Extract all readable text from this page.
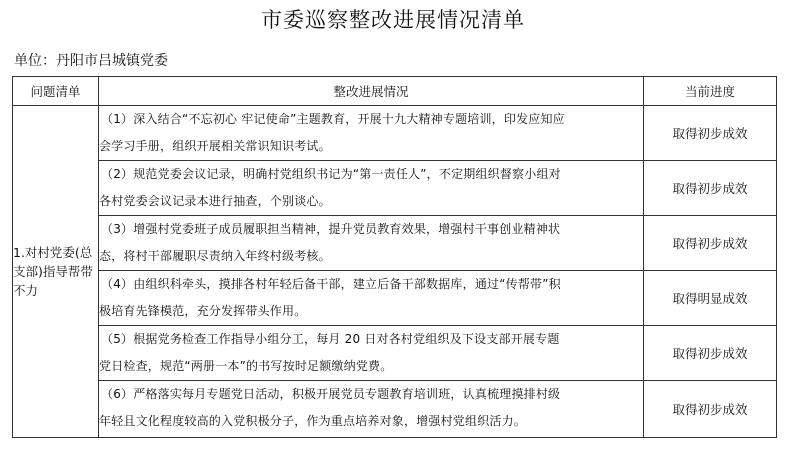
市委巡察整改进展情况清单
单位：丹阳市吕城镇党委
问题清单	整改进展情况	当前进度
1.对村党委(总支部)指导帮带不力	（1）深入结合“不忘初心 牢记使命”主题教育，开展十九大精神专题培训，印发应知应
会学习手册，组织开展相关常识知识考试。	取得初步成效

	（2）规范党委会议记录，明确村党组织书记为“第一责任人”，不定期组织督察小组对
各村党委会议记录本进行抽查，个别谈心。	取得初步成效

	（3）增强村党委班子成员履职担当精神，提升党员教育效果，增强村干事创业精神状
态，将村干部履职尽责纳入年终村级考核。	取得初步成效

	（4）由组织科牵头，摸排各村年轻后备干部，建立后备干部数据库，通过“传帮带”积
极培育先锋模范，充分发挥带头作用。	取得明显成效

	（5）根据党务检查工作指导小组分工，每月 20 日对各村党组织及下设支部开展专题
党日检查，规范“两册一本”的书写按时足额缴纳党费。	取得初步成效

	（6）严格落实每月专题党日活动，积极开展党员专题教育培训班，认真梳理摸排村级
年轻且文化程度较高的入党积极分子，作为重点培养对象，增强村党组织活力。	取得初步成效
